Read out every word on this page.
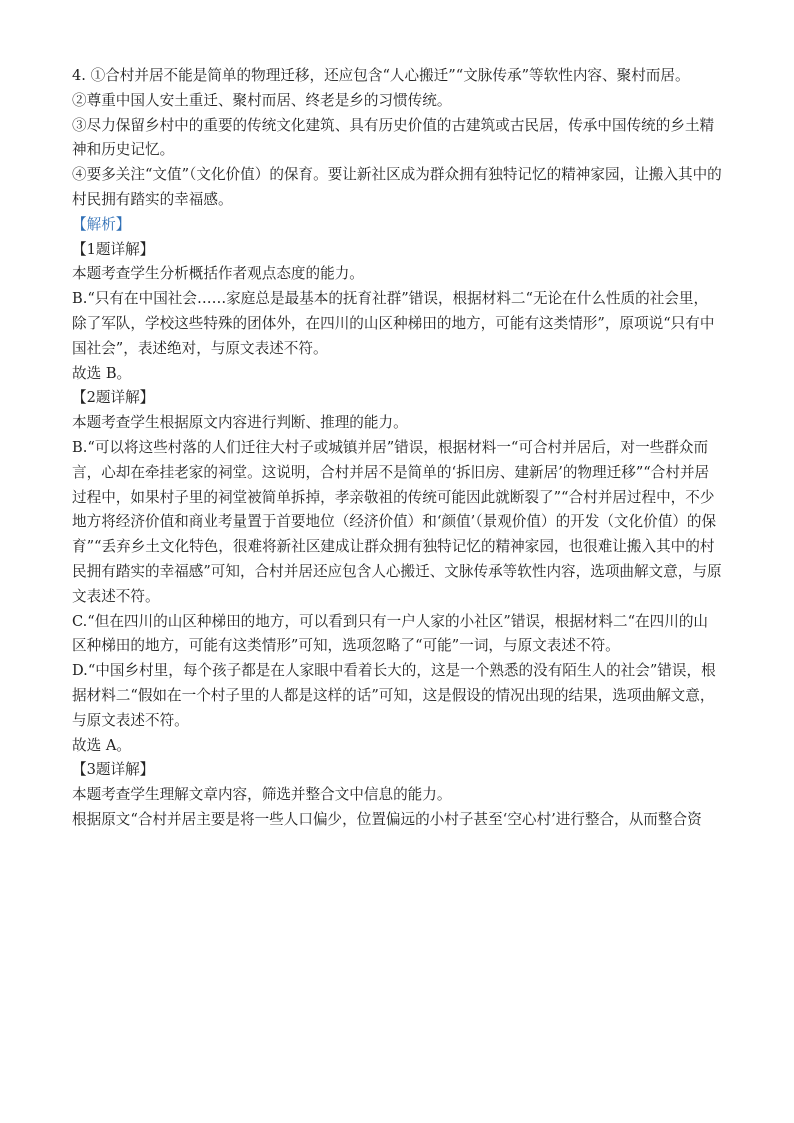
4. ①合村并居不能是简单的物理迁移，还应包含“人心搬迁”“文脉传承”等软性内容、聚村而居。

②尊重中国人安土重迁、聚村而居、终老是乡的习惯传统。

③尽力保留乡村中的重要的传统文化建筑、具有历史价值的古建筑或古民居，传承中国传统的乡土精神和历史记忆。

④要多关注“文值”（文化价值）的保育。要让新社区成为群众拥有独特记忆的精神家园，让搬入其中的村民拥有踏实的幸福感。

【解析】

【1题详解】

本题考查学生分析概括作者观点态度的能力。

B.“只有在中国社会……家庭总是最基本的抚育社群”错误，根据材料二“无论在什么性质的社会里，除了军队，学校这些特殊的团体外，在四川的山区种梯田的地方，可能有这类情形”，原项说“只有中国社会”，表述绝对，与原文表述不符。

故选 B。

【2题详解】

本题考查学生根据原文内容进行判断、推理的能力。

B.“可以将这些村落的人们迁往大村子或城镇并居”错误，根据材料一“可合村并居后，对一些群众而言，心却在牵挂老家的祠堂。这说明，合村并居不是简单的‘拆旧房、建新居’的物理迁移”“合村并居过程中，如果村子里的祠堂被简单拆掉，孝亲敬祖的传统可能因此就断裂了”“合村并居过程中，不少地方将经济价值和商业考量置于首要地位（经济价值）和‘颜值’（景观价值）的开发（文化价值）的保育”“丢弃乡土文化特色，很难将新社区建成让群众拥有独特记忆的精神家园，也很难让搬入其中的村民拥有踏实的幸福感”可知，合村并居还应包含人心搬迁、文脉传承等软性内容，选项曲解文意，与原文表述不符。

C.“但在四川的山区种梯田的地方，可以看到只有一户人家的小社区”错误，根据材料二“在四川的山区种梯田的地方，可能有这类情形”可知，选项忽略了“可能”一词，与原文表述不符。

D.“中国乡村里，每个孩子都是在人家眼中看着长大的，这是一个熟悉的没有陌生人的社会”错误，根据材料二“假如在一个村子里的人都是这样的话”可知，这是假设的情况出现的结果，选项曲解文意，与原文表述不符。

故选 A。

【3题详解】

本题考查学生理解文章内容，筛选并整合文中信息的能力。

根据原文“合村并居主要是将一些人口偏少，位置偏远的小村子甚至‘空心村’进行整合，从而整合资
